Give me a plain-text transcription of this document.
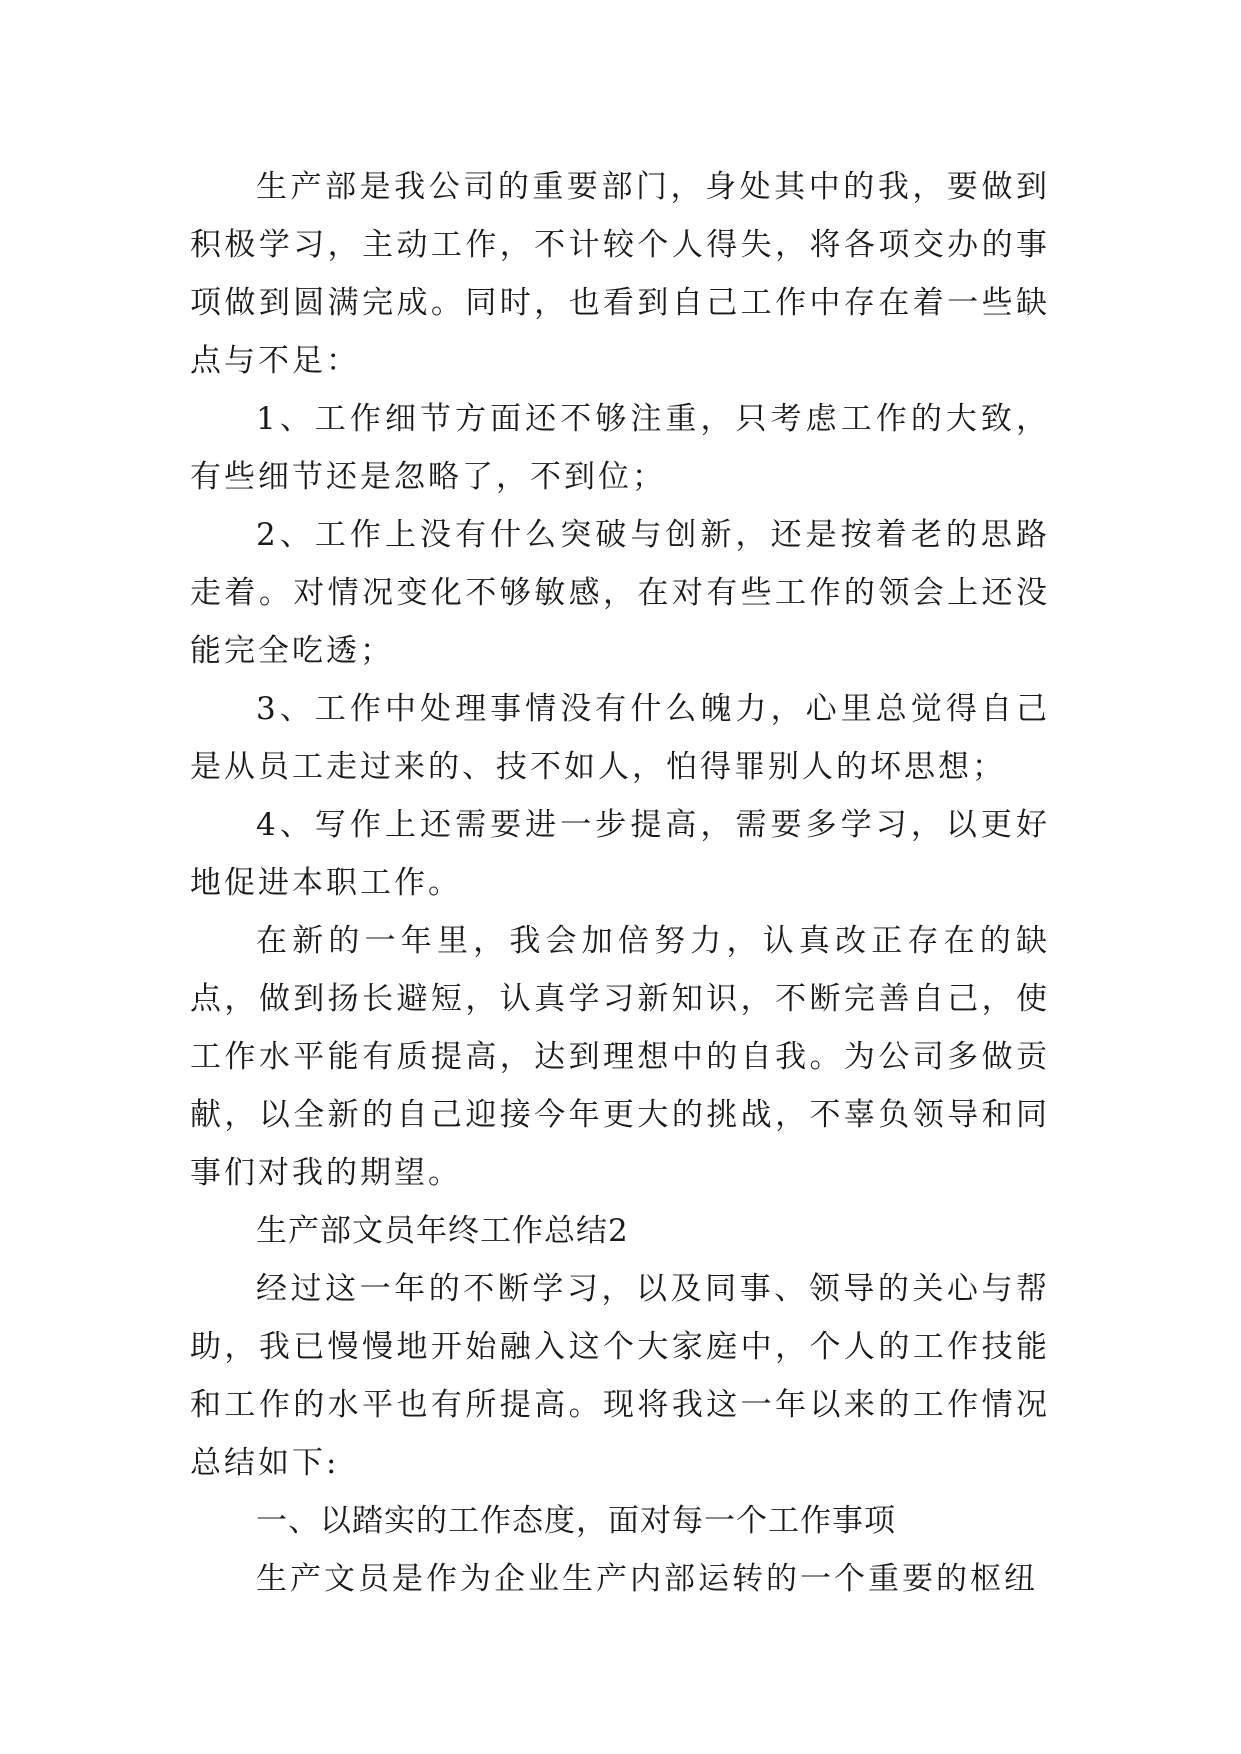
生产部是我公司的重要部门，身处其中的我，要做到积极学习，主动工作，不计较个人得失，将各项交办的事项做到圆满完成。同时，也看到自己工作中存在着一些缺点与不足：

1、工作细节方面还不够注重，只考虑工作的大致，有些细节还是忽略了，不到位；

2、工作上没有什么突破与创新，还是按着老的思路走着。对情况变化不够敏感，在对有些工作的领会上还没能完全吃透；

3、工作中处理事情没有什么魄力，心里总觉得自己是从员工走过来的、技不如人，怕得罪别人的坏思想；

4、写作上还需要进一步提高，需要多学习，以更好地促进本职工作。

在新的一年里，我会加倍努力，认真改正存在的缺点，做到扬长避短，认真学习新知识，不断完善自己，使工作水平能有质提高，达到理想中的自我。为公司多做贡献，以全新的自己迎接今年更大的挑战，不辜负领导和同事们对我的期望。

生产部文员年终工作总结2

经过这一年的不断学习，以及同事、领导的关心与帮助，我已慢慢地开始融入这个大家庭中，个人的工作技能和工作的水平也有所提高。现将我这一年以来的工作情况总结如下:

一、以踏实的工作态度，面对每一个工作事项

生产文员是作为企业生产内部运转的一个重要的枢纽
